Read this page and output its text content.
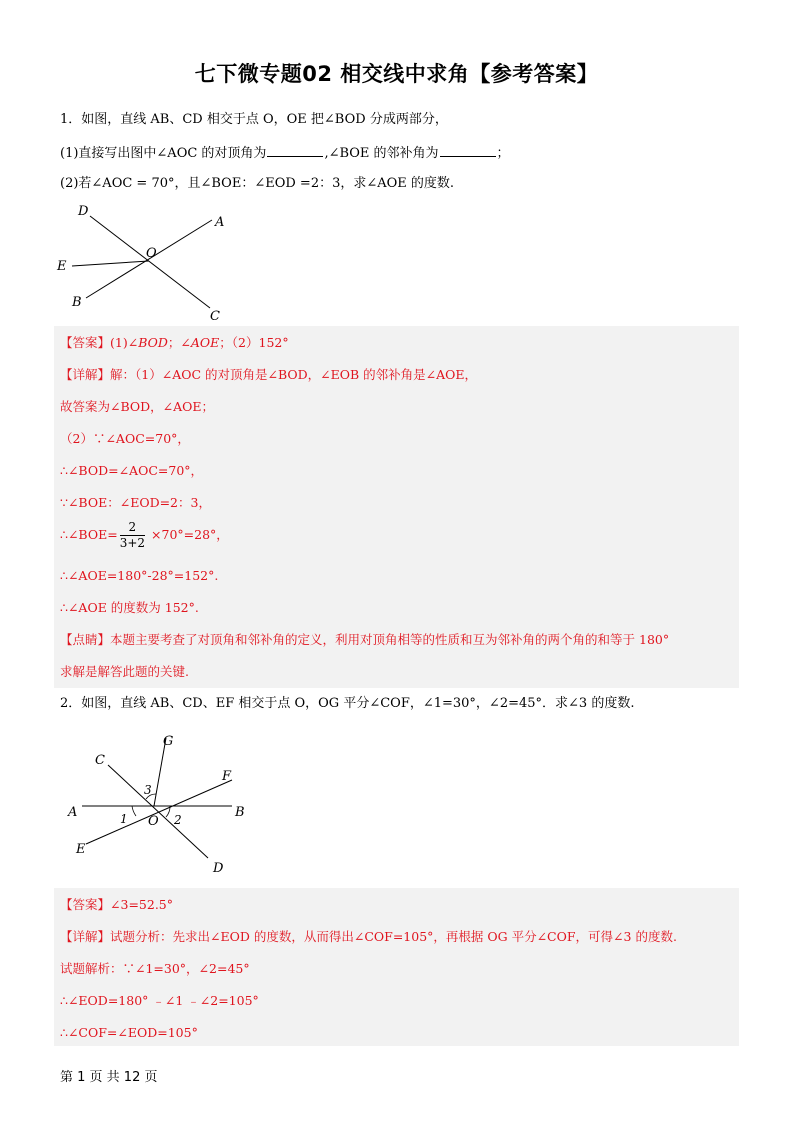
七下微专题02 相交线中求角【参考答案】
1．如图，直线 AB、CD 相交于点 O，OE 把∠BOD 分成两部分，
(1)直接写出图中∠AOC 的对顶角为	,∠BOE 的邻补角为	；
(2)若∠AOC = 70°，且∠BOE：∠EOD =2：3，求∠AOE 的度数.
D
A
O
E
B
C
【答案】(1)∠BOD；∠AOE；（2）152°
【详解】解：（1）∠AOC 的对顶角是∠BOD，∠EOB 的邻补角是∠AOE，
故答案为∠BOD，∠AOE；
（2）∵∠AOC=70°，
∴∠BOD=∠AOC=70°，
∵∠BOE：∠EOD=2：3，
∴∠BOE= $\frac{2}{3+2} \times 70^\circ=28^\circ$，
∴∠AOE=180°-28°=152°.
∴∠AOE 的度数为 152°.
【点睛】本题主要考查了对顶角和邻补角的定义，利用对顶角相等的性质和互为邻补角的两个角的和等于 180°
求解是解答此题的关键.
2．如图，直线 AB、CD、EF 相交于点 O，OG 平分∠COF，∠1=30°，∠2=45°．求∠3 的度数.
G
C
F
A	B
O
E
D
1	2
3
【答案】∠3=52.5°
【详解】试题分析：先求出∠EOD 的度数，从而得出∠COF=105°，再根据 OG 平分∠COF，可得∠3 的度数.
试题解析：∵∠1=30°，∠2=45°
∴∠EOD=180° ﹣∠1 ﹣∠2=105°
∴∠COF=∠EOD=105°
第 1 页 共 12 页
